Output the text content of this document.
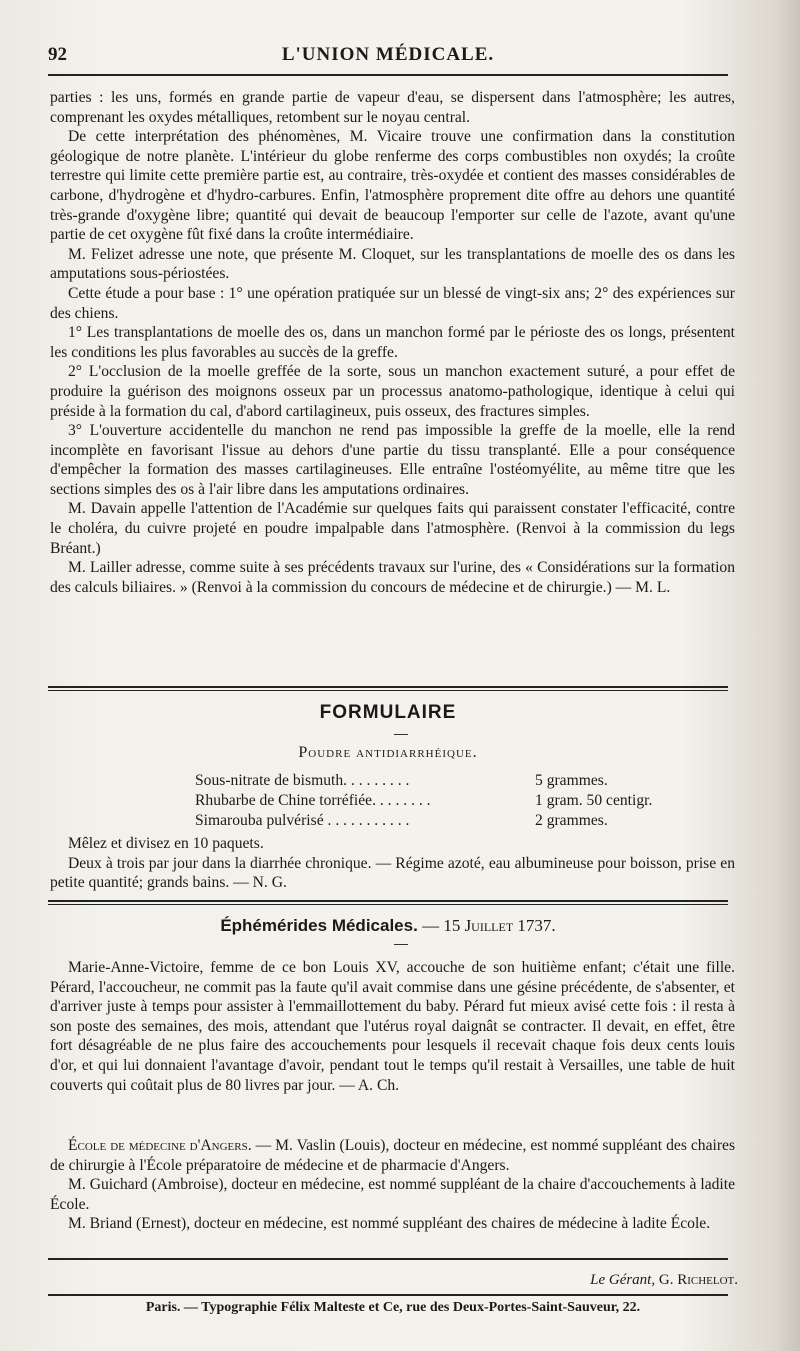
92	L'UNION MÉDICALE.

parties : les uns, formés en grande partie de vapeur d'eau, se dispersent dans l'atmosphère; les autres, comprenant les oxydes métalliques, retombent sur le noyau central.

De cette interprétation des phénomènes, M. Vicaire trouve une confirmation dans la constitution géologique de notre planète. L'intérieur du globe renferme des corps combustibles non oxydés; la croûte terrestre qui limite cette première partie est, au contraire, très-oxydée et contient des masses considérables de carbone, d'hydrogène et d'hydro-carbures. Enfin, l'atmosphère proprement dite offre au dehors une quantité très-grande d'oxygène libre; quantité qui devait de beaucoup l'emporter sur celle de l'azote, avant qu'une partie de cet oxygène fût fixé dans la croûte intermédiaire.

M. Felizet adresse une note, que présente M. Cloquet, sur les transplantations de moelle des os dans les amputations sous-périostées.

Cette étude a pour base : 1° une opération pratiquée sur un blessé de vingt-six ans; 2° des expériences sur des chiens.

1° Les transplantations de moelle des os, dans un manchon formé par le périoste des os longs, présentent les conditions les plus favorables au succès de la greffe.

2° L'occlusion de la moelle greffée de la sorte, sous un manchon exactement suturé, a pour effet de produire la guérison des moignons osseux par un processus anatomo-pathologique, identique à celui qui préside à la formation du cal, d'abord cartilagineux, puis osseux, des fractures simples.

3° L'ouverture accidentelle du manchon ne rend pas impossible la greffe de la moelle, elle la rend incomplète en favorisant l'issue au dehors d'une partie du tissu transplanté. Elle a pour conséquence d'empêcher la formation des masses cartilagineuses. Elle entraîne l'ostéomyélite, au même titre que les sections simples des os à l'air libre dans les amputations ordinaires.

M. Davain appelle l'attention de l'Académie sur quelques faits qui paraissent constater l'efficacité, contre le choléra, du cuivre projeté en poudre impalpable dans l'atmosphère. (Renvoi à la commission du legs Bréant.)

M. Lailler adresse, comme suite à ses précédents travaux sur l'urine, des « Considérations sur la formation des calculs biliaires. » (Renvoi à la commission du concours de médecine et de chirurgie.) — M. L.

FORMULAIRE
Poudre antidiarrhéique.
Sous-nitrate de bismuth. . . . . . . . .	5 grammes.
Rhubarbe de Chine torréfiée. . . . . . . .	1 gram. 50 centigr.
Simarouba pulvérisé . . . . . . . . . . .	2 grammes.

Mêlez et divisez en 10 paquets.

Deux à trois par jour dans la diarrhée chronique. — Régime azoté, eau albumineuse pour boisson, prise en petite quantité; grands bains. — N. G.

Éphémérides Médicales. — 15 Juillet 1737.

Marie-Anne-Victoire, femme de ce bon Louis XV, accouche de son huitième enfant; c'était une fille. Pérard, l'accoucheur, ne commit pas la faute qu'il avait commise dans une gésine précédente, de s'absenter, et d'arriver juste à temps pour assister à l'emmaillottement du baby. Pérard fut mieux avisé cette fois : il resta à son poste des semaines, des mois, attendant que l'utérus royal daignât se contracter. Il devait, en effet, être fort désagréable de ne plus faire des accouchements pour lesquels il recevait chaque fois deux cents louis d'or, et qui lui donnaient l'avantage d'avoir, pendant tout le temps qu'il restait à Versailles, une table de huit couverts qui coûtait plus de 80 livres par jour. — A. Ch.

École de médecine d'Angers. — M. Vaslin (Louis), docteur en médecine, est nommé suppléant des chaires de chirurgie à l'École préparatoire de médecine et de pharmacie d'Angers.

M. Guichard (Ambroise), docteur en médecine, est nommé suppléant de la chaire d'accouchements à ladite École.

M. Briand (Ernest), docteur en médecine, est nommé suppléant des chaires de médecine à ladite École.

Le Gérant, G. Richelot.
Paris. — Typographie Félix Malteste et Ce, rue des Deux-Portes-Saint-Sauveur, 22.
